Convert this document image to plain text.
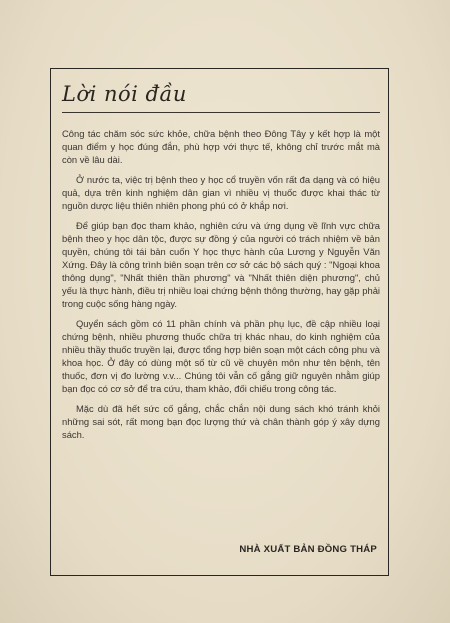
Lời nói đầu

Công tác chăm sóc sức khỏe, chữa bệnh theo Đông Tây y kết hợp là một quan điểm y học đúng đắn, phù hợp với thực tế, không chỉ trước mắt mà còn về lâu dài.

Ở nước ta, việc trị bệnh theo y học cổ truyền vốn rất đa dạng và có hiệu quả, dựa trên kinh nghiệm dân gian vì nhiều vị thuốc được khai thác từ nguồn dược liệu thiên nhiên phong phú có ở khắp nơi.

Để giúp bạn đọc tham khảo, nghiên cứu và ứng dụng về lĩnh vực chữa bệnh theo y học dân tộc, được sự đồng ý của người có trách nhiệm về bản quyền, chúng tôi tái bản cuốn Y học thực hành của Lương y Nguyễn Văn Xứng. Đây là công trình biên soạn trên cơ sở các bộ sách quý : "Ngoại khoa thông dụng", "Nhất thiên thần phương" và "Nhất thiên diện phương", chủ yếu là thực hành, điều trị nhiều loại chứng bệnh thông thường, hay gặp phải trong cuộc sống hàng ngày.

Quyển sách gồm có 11 phần chính và phần phụ lục, đề cập nhiều loại chứng bệnh, nhiều phương thuốc chữa trị khác nhau, do kinh nghiệm của nhiều thầy thuốc truyền lại, được tổng hợp biên soạn một cách công phu và khoa học. Ở đây có dùng một số từ cũ về chuyên môn như tên bệnh, tên thuốc, đơn vị đo lường v.v... Chúng tôi vẫn cố gắng giữ nguyên nhằm giúp bạn đọc có cơ sở để tra cứu, tham khảo, đối chiếu trong công tác.

Mặc dù đã hết sức cố gắng, chắc chắn nội dung sách khó tránh khỏi những sai sót, rất mong bạn đọc lượng thứ và chân thành góp ý xây dựng sách.

NHÀ XUẤT BẢN ĐỒNG THÁP
